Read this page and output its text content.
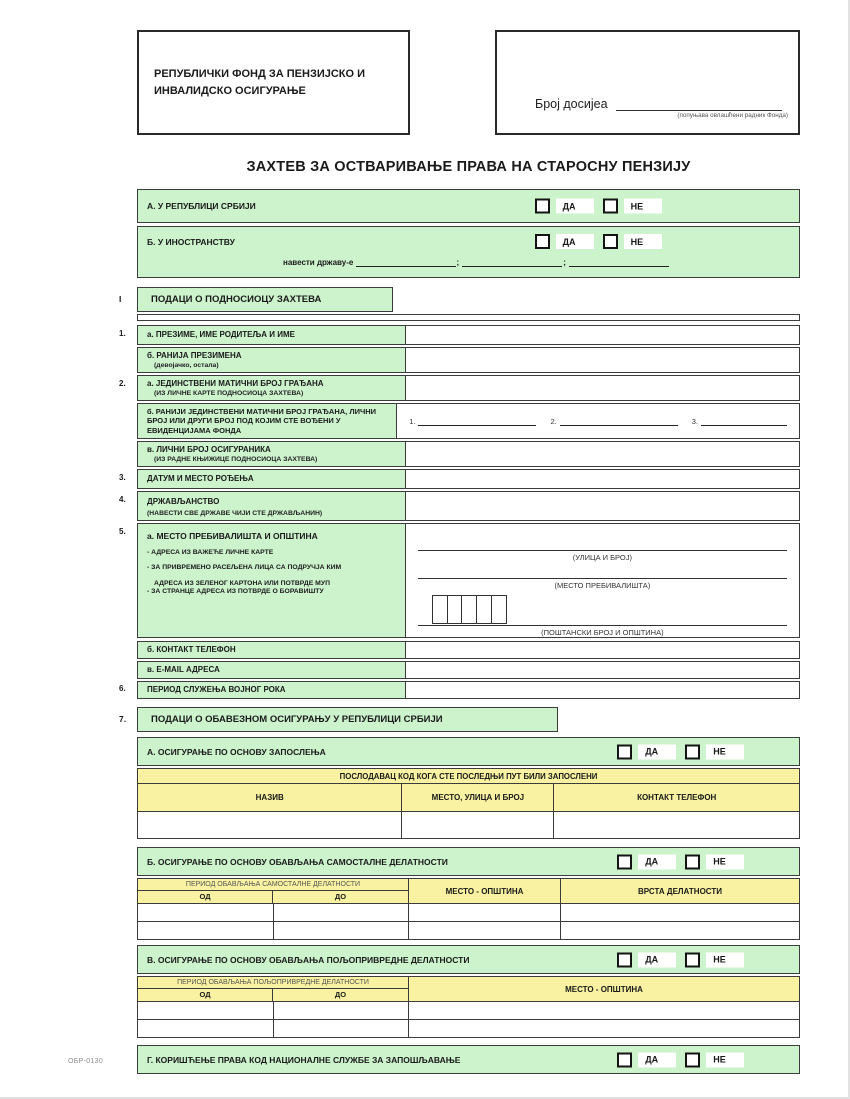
РЕПУБЛИЧКИ ФОНД ЗА ПЕНЗИЈСКО И
ИНВАЛИДСКО ОСИГУРАЊЕ
Број досијеа
(попуњава овлашћени радник Фонда)
ЗАХТЕВ ЗА ОСТВАРИВАЊЕ ПРАВА НА СТАРОСНУ ПЕНЗИЈУ
А. У РЕПУБЛИЦИ СРБИЈИ	ДА	НЕ
Б. У ИНОСТРАНСТВУ	ДА	НЕ
навести државу-е
	;	;
I	ПОДАЦИ О ПОДНОСИОЦУ ЗАХТЕВА
1.	а. ПРЕЗИМЕ, ИМЕ РОДИТЕЉА И ИМЕ
б. РАНИЈА ПРЕЗИМЕНА
(девојачко, остала)
2.	а. ЈЕДИНСТВЕНИ МАТИЧНИ БРОЈ ГРАЂАНА
(ИЗ ЛИЧНЕ КАРТЕ ПОДНОСИОЦА ЗАХТЕВА)
б. РАНИЈИ ЈЕДИНСТВЕНИ МАТИЧНИ БРОЈ ГРАЂАНА, ЛИЧНИ БРОЈ ИЛИ ДРУГИ БРОЈ ПОД КОЈИМ СТЕ ВОЂЕНИ У ЕВИДЕНЦИЈАМА ФОНДА
1.	2.	3.
в. ЛИЧНИ БРОЈ ОСИГУРАНИКА
(ИЗ РАДНЕ КЊИЖИЦЕ ПОДНОСИОЦА ЗАХТЕВА)
3.	ДАТУМ И МЕСТО РОЂЕЊА
4.	ДРЖАВЉАНСТВО
(НАВЕСТИ СВЕ ДРЖАВЕ ЧИЈИ СТЕ ДРЖАВЉАНИН)
5.	а. МЕСТО ПРЕБИВАЛИШТА И ОПШТИНА
- АДРЕСА ИЗ ВАЖЕЋЕ ЛИЧНЕ КАРТЕ
- ЗА ПРИВРЕМЕНО РАСЕЉЕНА ЛИЦА СА ПОДРУЧЈА КИМ
АДРЕСА ИЗ ЗЕЛЕНОГ КАРТОНА ИЛИ ПОТВРДЕ МУП
- ЗА СТРАНЦЕ АДРЕСА ИЗ ПОТВРДЕ О БОРАВИШТУ
(УЛИЦА И БРОЈ)
(МЕСТО ПРЕБИВАЛИШТА)
(ПОШТАНСКИ БРОЈ И ОПШТИНА)
б. КОНТАКТ ТЕЛЕФОН
в. E-MAIL АДРЕСА
6.	ПЕРИОД СЛУЖЕЊА ВОЈНОГ РОКА
7.	ПОДАЦИ О ОБАВЕЗНОМ ОСИГУРАЊУ У РЕПУБЛИЦИ СРБИЈИ
А. ОСИГУРАЊЕ ПО ОСНОВУ ЗАПОСЛЕЊА	ДА	НЕ
ПОСЛОДАВАЦ КОД КОГА СТЕ ПОСЛЕДЊИ ПУТ БИЛИ ЗАПОСЛЕНИ
НАЗИВ	МЕСТО, УЛИЦА И БРОЈ	КОНТАКТ ТЕЛЕФОН
Б. ОСИГУРАЊЕ ПО ОСНОВУ ОБАВЉАЊА САМОСТАЛНЕ ДЕЛАТНОСТИ	ДА	НЕ
ПЕРИОД ОБАВЉАЊА САМОСТАЛНЕ ДЕЛАТНОСТИ
ОД	ДО
МЕСТО - ОПШТИНА	ВРСТА ДЕЛАТНОСТИ
В. ОСИГУРАЊЕ ПО ОСНОВУ ОБАВЉАЊА ПОЉОПРИВРЕДНЕ ДЕЛАТНОСТИ	ДА	НЕ
ПЕРИОД ОБАВЉАЊА ПОЉОПРИВРЕДНЕ ДЕЛАТНОСТИ
ОД	ДО
МЕСТО - ОПШТИНА
Г. КОРИШЋЕЊЕ ПРАВА КОД НАЦИОНАЛНЕ СЛУЖБЕ ЗА ЗАПОШЉАВАЊЕ	ДА	НЕ
ОБР-0130
